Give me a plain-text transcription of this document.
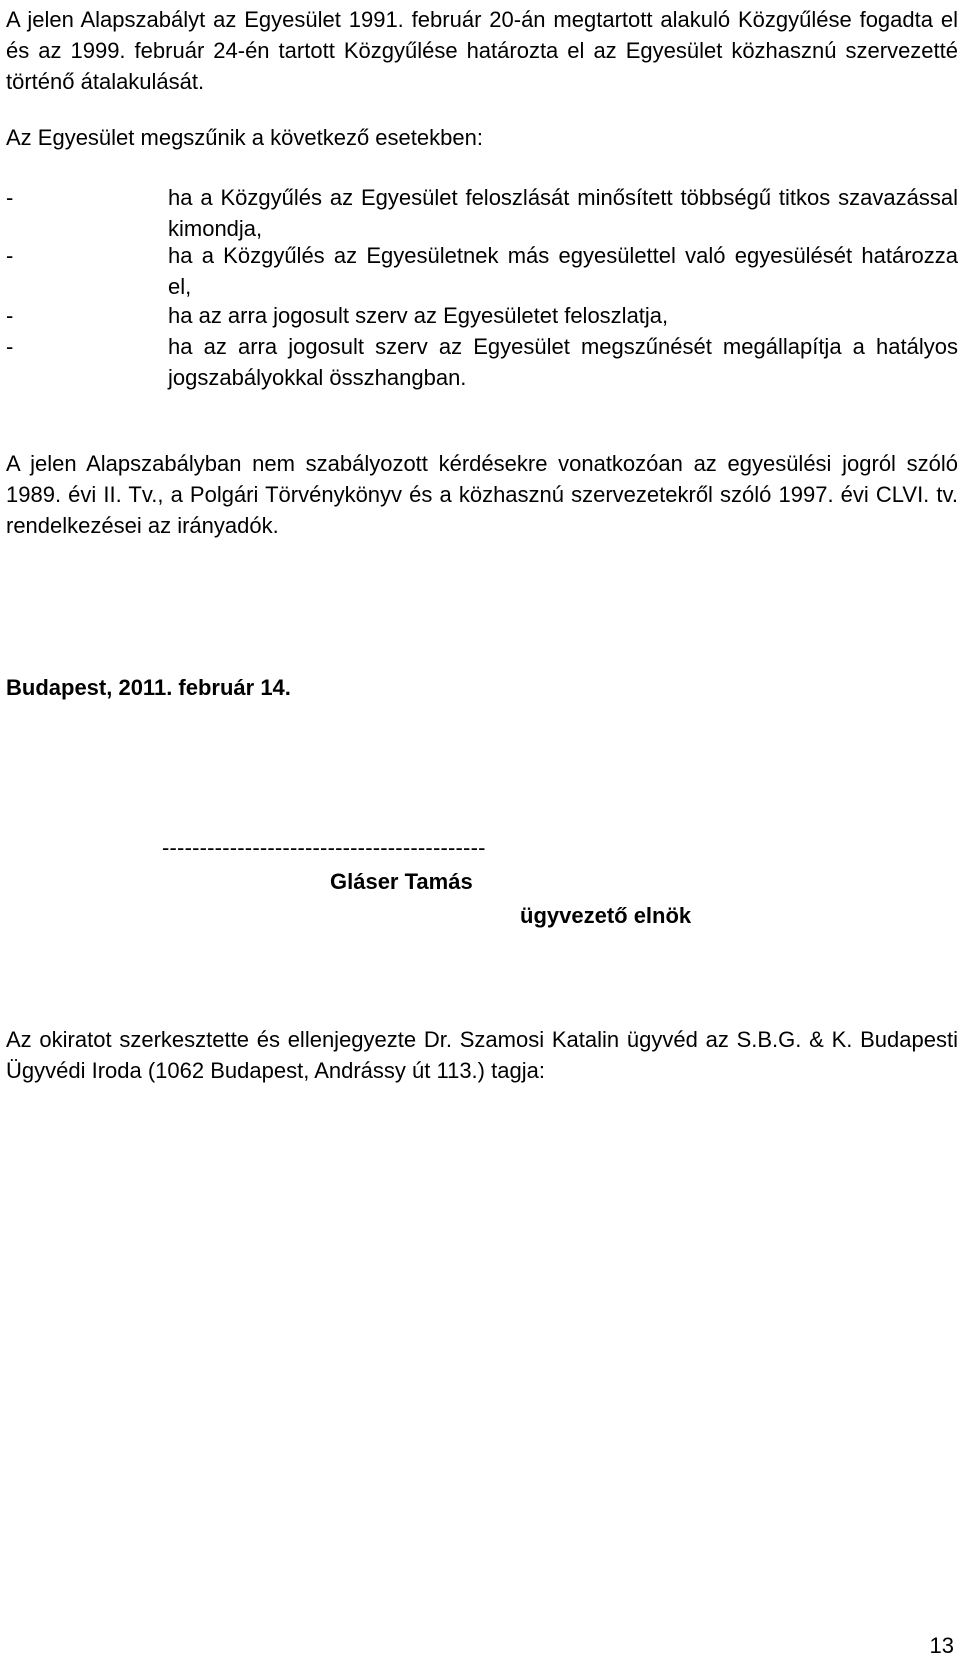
A jelen Alapszabályt az Egyesület 1991. február 20-án megtartott alakuló Közgyűlése fogadta el és az 1999. február 24-én tartott Közgyűlése határozta el az Egyesület közhasznú szervezetté történő átalakulását.

Az Egyesület megszűnik a következő esetekben:

-	ha a Közgyűlés az Egyesület feloszlását minősített többségű titkos szavazással kimondja,
-	ha a Közgyűlés az Egyesületnek más egyesülettel való egyesülését határozza el,
-	ha az arra jogosult szerv az Egyesületet feloszlatja,
-	ha az arra jogosult szerv az Egyesület megszűnését megállapítja a hatályos jogszabályokkal összhangban.

A jelen Alapszabályban nem szabályozott kérdésekre vonatkozóan az egyesülési jogról szóló 1989. évi II. Tv., a Polgári Törvénykönyv és a közhasznú szervezetekről szóló 1997. évi CLVI. tv. rendelkezései az irányadók.

Budapest, 2011. február 14.

-------------------------------------------
Gláser Tamás
ügyvezető elnök

Az okiratot szerkesztette és ellenjegyezte Dr. Szamosi Katalin ügyvéd az S.B.G. & K. Budapesti Ügyvédi Iroda (1062 Budapest, Andrássy út 113.) tagja:

13
